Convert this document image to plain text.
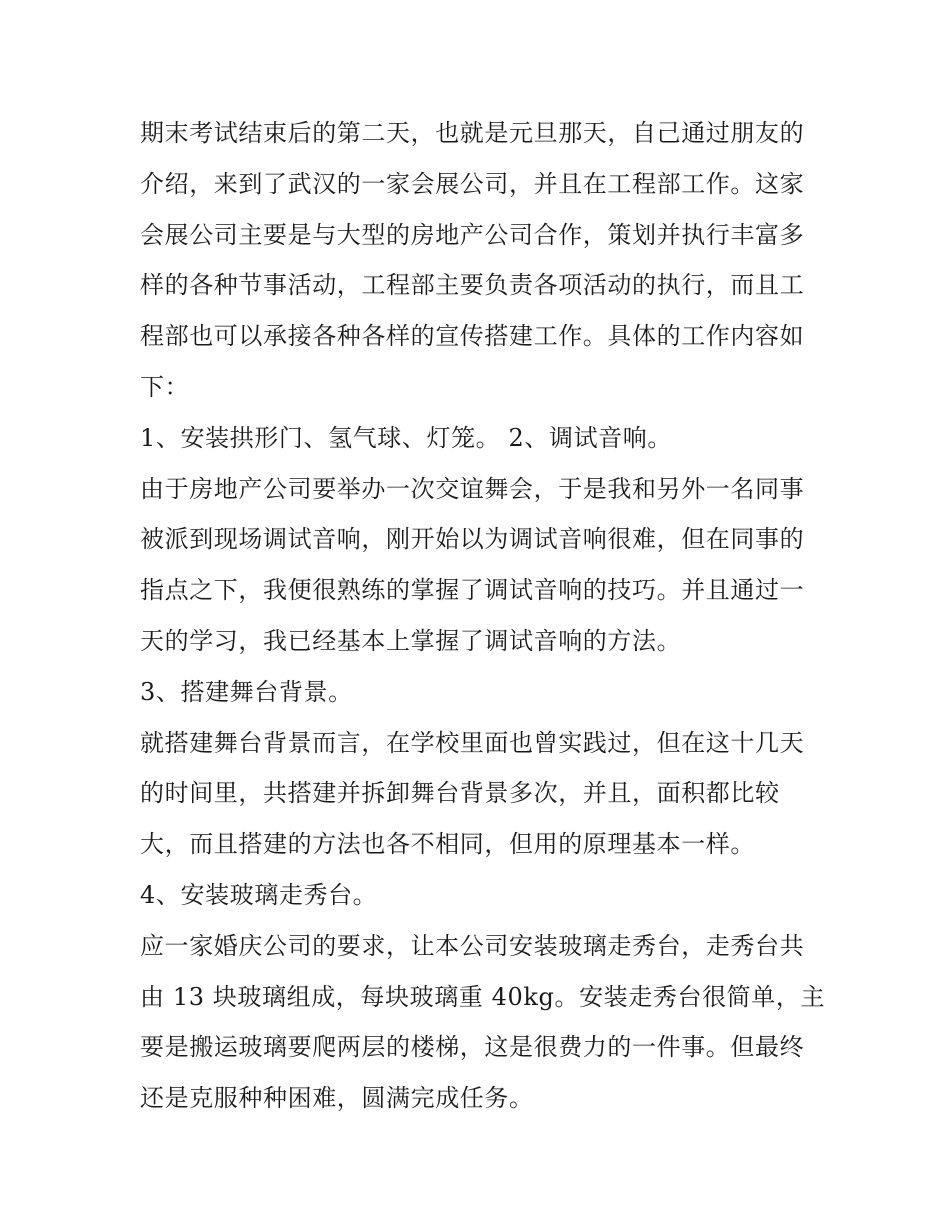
期末考试结束后的第二天，也就是元旦那天，自己通过朋友的
介绍，来到了武汉的一家会展公司，并且在工程部工作。这家
会展公司主要是与大型的房地产公司合作，策划并执行丰富多
样的各种节事活动，工程部主要负责各项活动的执行，而且工
程部也可以承接各种各样的宣传搭建工作。具体的工作内容如
下：
1、安装拱形门、氢气球、灯笼。 2、调试音响。
由于房地产公司要举办一次交谊舞会，于是我和另外一名同事
被派到现场调试音响，刚开始以为调试音响很难，但在同事的
指点之下，我便很熟练的掌握了调试音响的技巧。并且通过一
天的学习，我已经基本上掌握了调试音响的方法。
3、搭建舞台背景。
就搭建舞台背景而言，在学校里面也曾实践过，但在这十几天
的时间里，共搭建并拆卸舞台背景多次，并且，面积都比较
大，而且搭建的方法也各不相同，但用的原理基本一样。
4、安装玻璃走秀台。
应一家婚庆公司的要求，让本公司安装玻璃走秀台，走秀台共
由 13 块玻璃组成，每块玻璃重 40kg。安装走秀台很简单，主
要是搬运玻璃要爬两层的楼梯，这是很费力的一件事。但最终
还是克服种种困难，圆满完成任务。
